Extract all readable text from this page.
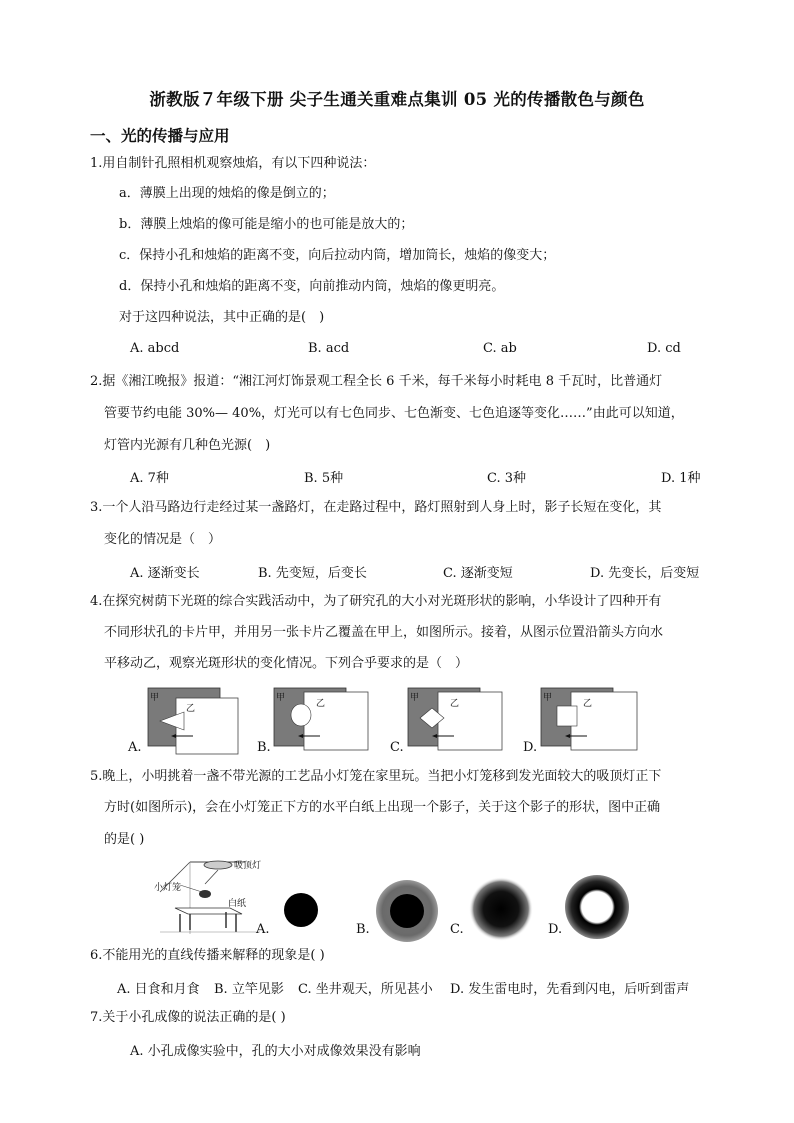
浙教版７年级下册 尖子生通关重难点集训 05 光的传播散色与颜色
一、光的传播与应用
1.用自制针孔照相机观察烛焰，有以下四种说法：
a．薄膜上出现的烛焰的像是倒立的；
b．薄膜上烛焰的像可能是缩小的也可能是放大的；
c．保持小孔和烛焰的距离不变，向后拉动内筒，增加筒长，烛焰的像变大；
d．保持小孔和烛焰的距离不变，向前推动内筒，烛焰的像更明亮。
对于这四种说法，其中正确的是(　)
A. abcd	B. acd	C. ab	D. cd
2.据《湘江晚报》报道：“湘江河灯饰景观工程全长 6 千米，每千米每小时耗电 8 千瓦时，比普通灯
管要节约电能 30%— 40%，灯光可以有七色同步、七色渐变、七色追逐等变化……”由此可以知道，
灯管内光源有几种色光源(　)
A. 7种	B. 5种	C. 3种	D. 1种
3.一个人沿马路边行走经过某一盏路灯，在走路过程中，路灯照射到人身上时，影子长短在变化，其
变化的情况是（　）
A. 逐渐变长	B. 先变短，后变长	C. 逐渐变短	D. 先变长，后变短
4.在探究树荫下光斑的综合实践活动中，为了研究孔的大小对光斑形状的影响，小华设计了四种开有
不同形状孔的卡片甲，并用另一张卡片乙覆盖在甲上，如图所示。接着，从图示位置沿箭头方向水
平移动乙，观察光斑形状的变化情况。下列合乎要求的是（　）
甲
乙
A.
甲
乙
B.
甲
乙
C.
甲
乙
D.
5.晚上，小明挑着一盏不带光源的工艺品小灯笼在家里玩。当把小灯笼移到发光面较大的吸顶灯正下
方时(如图所示)，会在小灯笼正下方的水平白纸上出现一个影子，关于这个影子的形状，图中正确
的是( )
吸顶灯
小灯笼
白纸
A.	B.	C.	D.
6.不能用光的直线传播来解释的现象是( )
A. 日食和月食 B. 立竿见影 C. 坐井观天，所见甚小 D. 发生雷电时，先看到闪电，后听到雷声
7.关于小孔成像的说法正确的是( )
A. 小孔成像实验中，孔的大小对成像效果没有影响
